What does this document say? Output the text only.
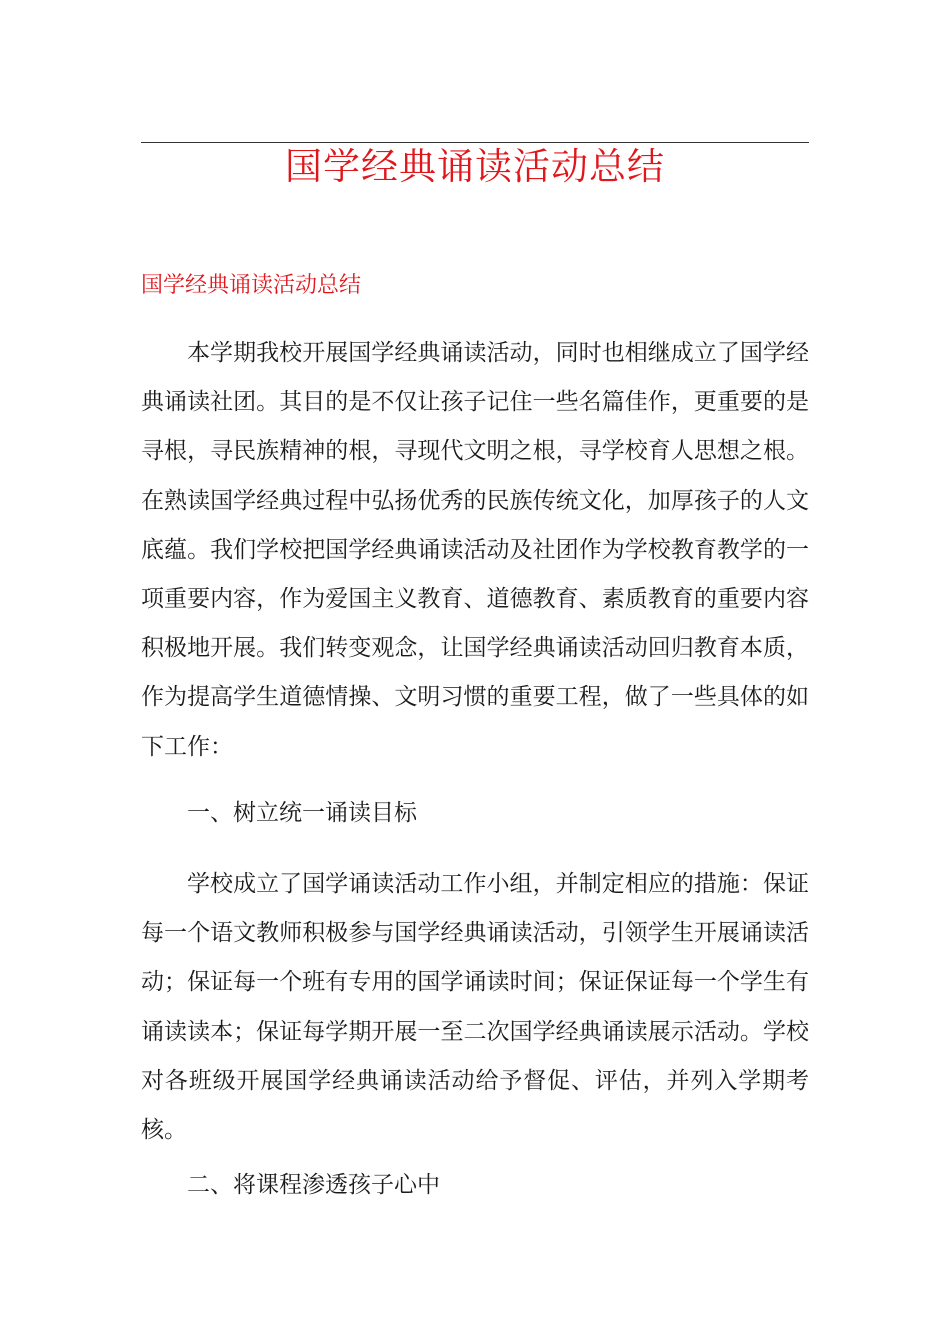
国学经典诵读活动总结
国学经典诵读活动总结

本学期我校开展国学经典诵读活动，同时也相继成立了国学经典诵读社团。其目的是不仅让孩子记住一些名篇佳作，更重要的是寻根，寻民族精神的根，寻现代文明之根，寻学校育人思想之根。在熟读国学经典过程中弘扬优秀的民族传统文化，加厚孩子的人文底蕴。我们学校把国学经典诵读活动及社团作为学校教育教学的一项重要内容，作为爱国主义教育、道德教育、素质教育的重要内容积极地开展。我们转变观念，让国学经典诵读活动回归教育本质，作为提高学生道德情操、文明习惯的重要工程，做了一些具体的如下工作：

一、树立统一诵读目标

学校成立了国学诵读活动工作小组，并制定相应的措施：保证每一个语文教师积极参与国学经典诵读活动，引领学生开展诵读活动；保证每一个班有专用的国学诵读时间；保证保证每一个学生有诵读读本；保证每学期开展一至二次国学经典诵读展示活动。学校对各班级开展国学经典诵读活动给予督促、评估，并列入学期考核。

二、将课程渗透孩子心中
